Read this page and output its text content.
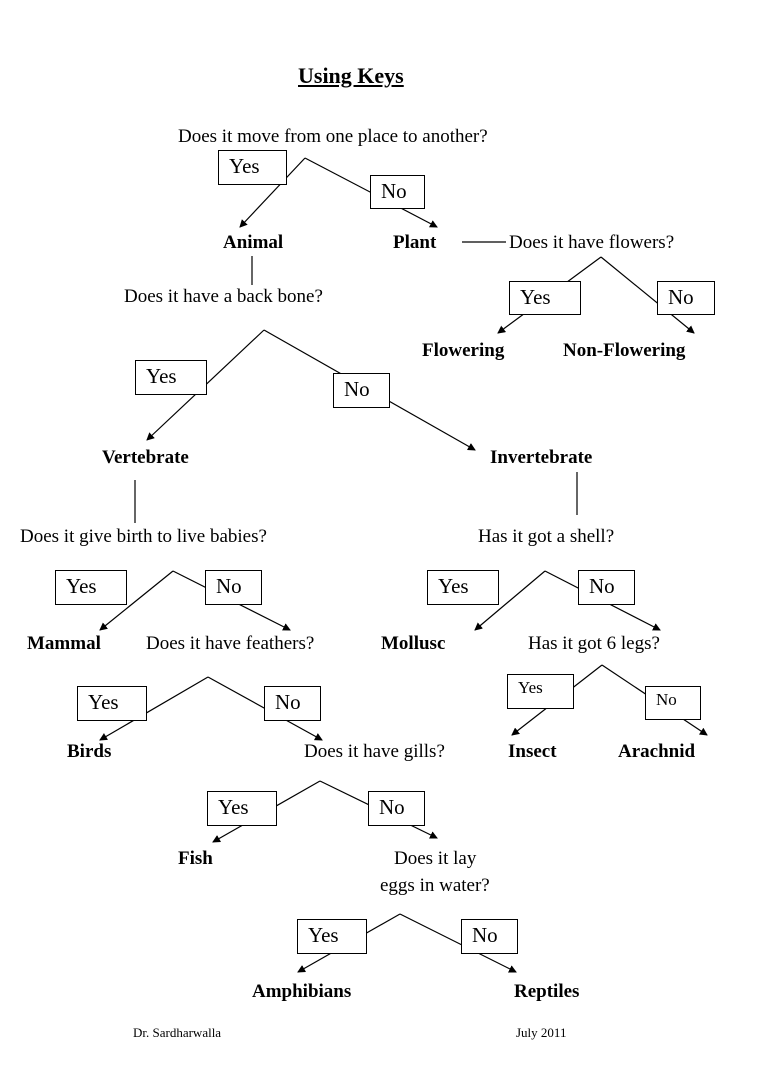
Using Keys
Does it move from one place to another?
Does it have flowers?
Does it have a back bone?
Does it give birth to live babies?	Has it got a shell?
Does it have feathers?	Has it got 6 legs?
Does it have gills?
Does it lay
eggs in water?
Animal	Plant
Flowering	Non-Flowering
Vertebrate	Invertebrate
Mammal	Mollusc
Birds	Insect	Arachnid
Fish
Amphibians	Reptiles
Yes
No
Yes	No
Yes
No
Yes	No	Yes	No
Yes	No
Yes
No
Yes	No
Yes	No
Dr. Sardharwalla	July 2011
